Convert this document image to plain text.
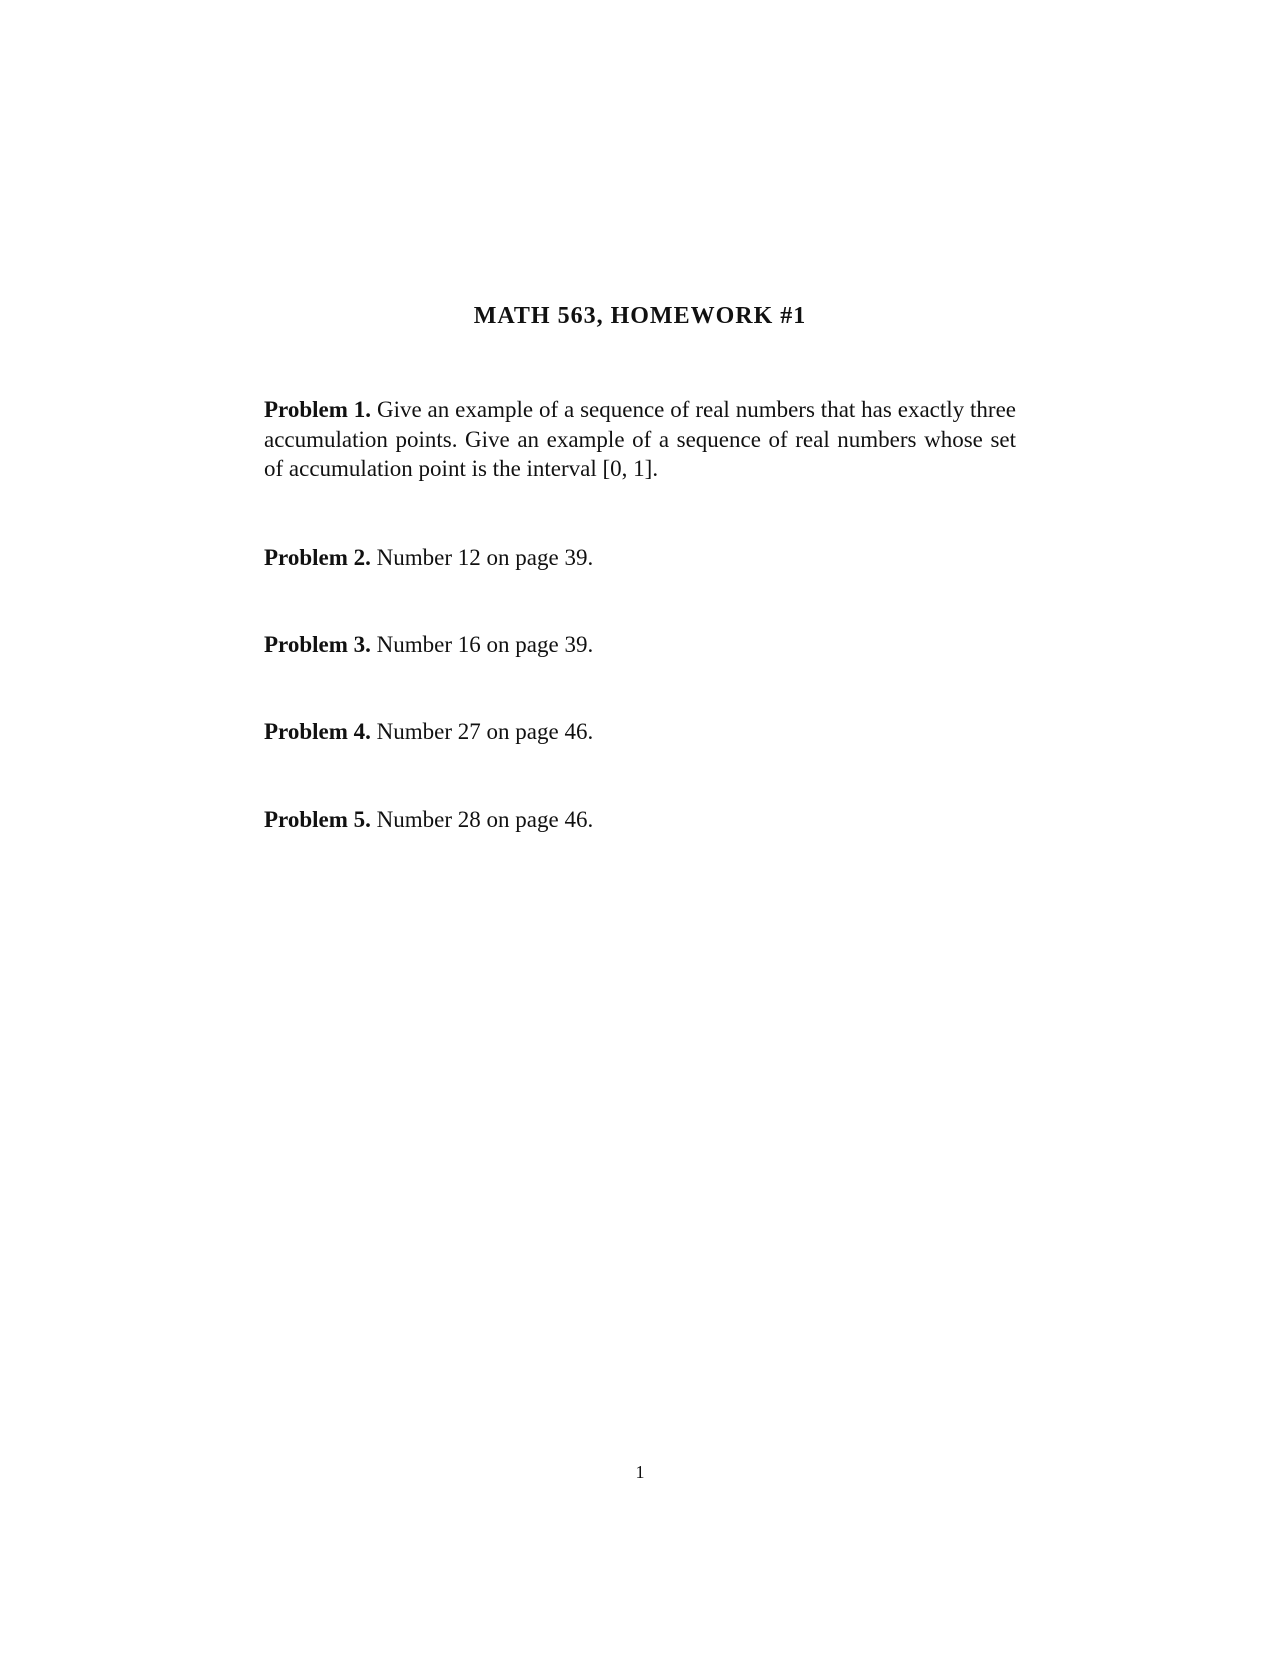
MATH 563, HOMEWORK #1
Problem 1. Give an example of a sequence of real numbers that has exactly three accumulation points. Give an example of a sequence of real numbers whose set of accumulation point is the interval [0, 1].
Problem 2. Number 12 on page 39.
Problem 3. Number 16 on page 39.
Problem 4. Number 27 on page 46.
Problem 5. Number 28 on page 46.
1
